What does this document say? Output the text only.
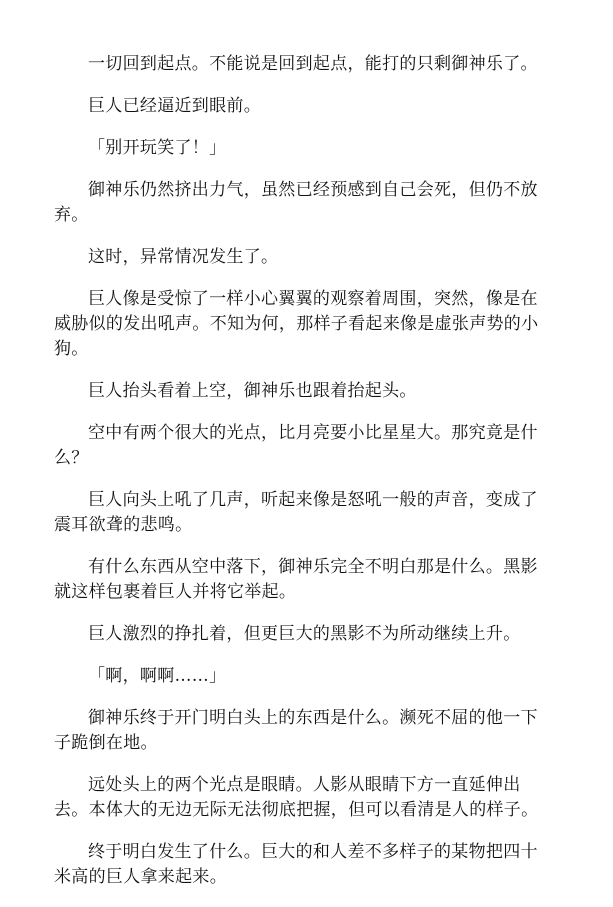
一切回到起点。不能说是回到起点，能打的只剩御神乐了。

巨人已经逼近到眼前。

「别开玩笑了！」

御神乐仍然挤出力气，虽然已经预感到自己会死，但仍不放弃。

这时，异常情况发生了。

巨人像是受惊了一样小心翼翼的观察着周围，突然，像是在威胁似的发出吼声。不知为何，那样子看起来像是虚张声势的小狗。

巨人抬头看着上空，御神乐也跟着抬起头。

空中有两个很大的光点，比月亮要小比星星大。那究竟是什么？

巨人向头上吼了几声，听起来像是怒吼一般的声音，变成了震耳欲聋的悲鸣。

有什么东西从空中落下，御神乐完全不明白那是什么。黑影就这样包裹着巨人并将它举起。

巨人激烈的挣扎着，但更巨大的黑影不为所动继续上升。

「啊，啊啊……」

御神乐终于开门明白头上的东西是什么。濒死不屈的他一下子跪倒在地。

远处头上的两个光点是眼睛。人影从眼睛下方一直延伸出去。本体大的无边无际无法彻底把握，但可以看清是人的样子。

终于明白发生了什么。巨大的和人差不多样子的某物把四十米高的巨人拿来起来。
